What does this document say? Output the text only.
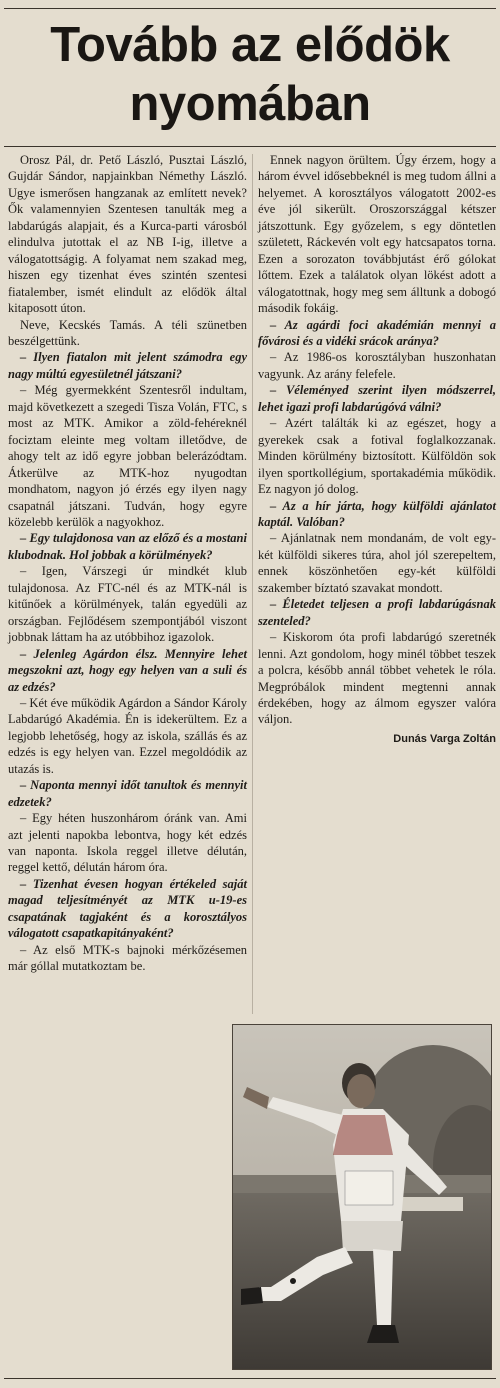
Tovább az elődök
nyomában

Orosz Pál, dr. Pető László, Pusztai László, Gujdár Sándor, napjainkban Némethy László. Ugye ismerősen hangzanak az említett nevek? Ők valamennyien Szentesen tanulták meg a labdarúgás alapjait, és a Kurca-parti városból elindulva jutottak el az NB I-ig, illetve a válogatottságig. A folyamat nem szakad meg, hiszen egy tizenhat éves szintén szentesi fiatalember, ismét elindult az elődök által kitaposott úton.

Neve, Kecskés Tamás. A téli szünetben beszélgettünk.

– Ilyen fiatalon mit jelent számodra egy nagy múltú egyesületnél játszani?

– Még gyermekként Szentesről indultam, majd következett a szegedi Tisza Volán, FTC, s most az MTK. Amikor a zöld-fehéreknél fociztam eleinte meg voltam illetődve, de ahogy telt az idő egyre jobban belerázódtam. Átkerülve az MTK-hoz nyugodtan mondhatom, nagyon jó érzés egy ilyen nagy csapatnál játszani. Tudván, hogy egyre közelebb kerülök a nagyokhoz.

– Egy tulajdonosa van az előző és a mostani klubodnak. Hol jobbak a körülmények?

– Igen, Várszegi úr mindkét klub tulajdonosa. Az FTC-nél és az MTK-nál is kitűnőek a körülmények, talán egyedüli az országban. Fejlődésem szempontjából viszont jobbnak láttam ha az utóbbihoz igazolok.

– Jelenleg Agárdon élsz. Mennyire lehet megszokni azt, hogy egy helyen van a suli és az edzés?

– Két éve működik Agárdon a Sándor Károly Labdarúgó Akadémia. Én is idekerültem. Ez a legjobb lehetőség, hogy az iskola, szállás és az edzés is egy helyen van. Ezzel megoldódik az utazás is.

– Naponta mennyi időt tanultok és mennyit edzetek?

– Egy héten huszonhárom óránk van. Ami azt jelenti napokba lebontva, hogy két edzés van naponta. Iskola reggel illetve délután, reggel kettő, délután három óra.

– Tizenhat évesen hogyan értékeled saját magad teljesítményét az MTK u-19-es csapatának tagjaként és a korosztályos válogatott csapatkapitányaként?

– Az első MTK-s bajnoki mérkőzésemen már góllal mutatkoztam be.

Ennek nagyon örültem. Úgy érzem, hogy a három évvel idősebbeknél is meg tudom állni a helyemet. A korosztályos válogatott 2002-es éve jól sikerült. Oroszországgal kétszer játszottunk. Egy győzelem, s egy döntetlen született, Ráckevén volt egy hatcsapatos torna. Ezen a sorozaton továbbjutást érő gólokat lőttem. Ezek a találatok olyan lökést adott a válogatottnak, hogy meg sem álltunk a dobogó második fokáig.

– Az agárdi foci akadémián mennyi a fővárosi és a vidéki srácok aránya?

– Az 1986-os korosztályban huszonhatan vagyunk. Az arány felefele.

– Véleményed szerint ilyen módszerrel, lehet igazi profi labdarúgóvá válni?

– Azért találták ki az egészet, hogy a gyerekek csak a fotival foglalkozzanak. Minden körülmény biztosított. Külföldön sok ilyen sportkollégium, sportakadémia működik. Ez nagyon jó dolog.

– Az a hír járta, hogy külföldi ajánlatot kaptál. Valóban?

– Ajánlatnak nem mondanám, de volt egy-két külföldi sikeres túra, ahol jól szerepeltem, ennek köszönhetően egy-két külföldi szakember bíztató szavakat mondott.

– Életedet teljesen a profi labdarúgásnak szenteled?

– Kiskorom óta profi labdarúgó szeretnék lenni. Azt gondolom, hogy minél többet teszek a polcra, később annál többet vehetek le róla. Megpróbálok mindent megtenni annak érdekében, hogy az álmom egyszer valóra váljon.

Dunás Varga Zoltán
